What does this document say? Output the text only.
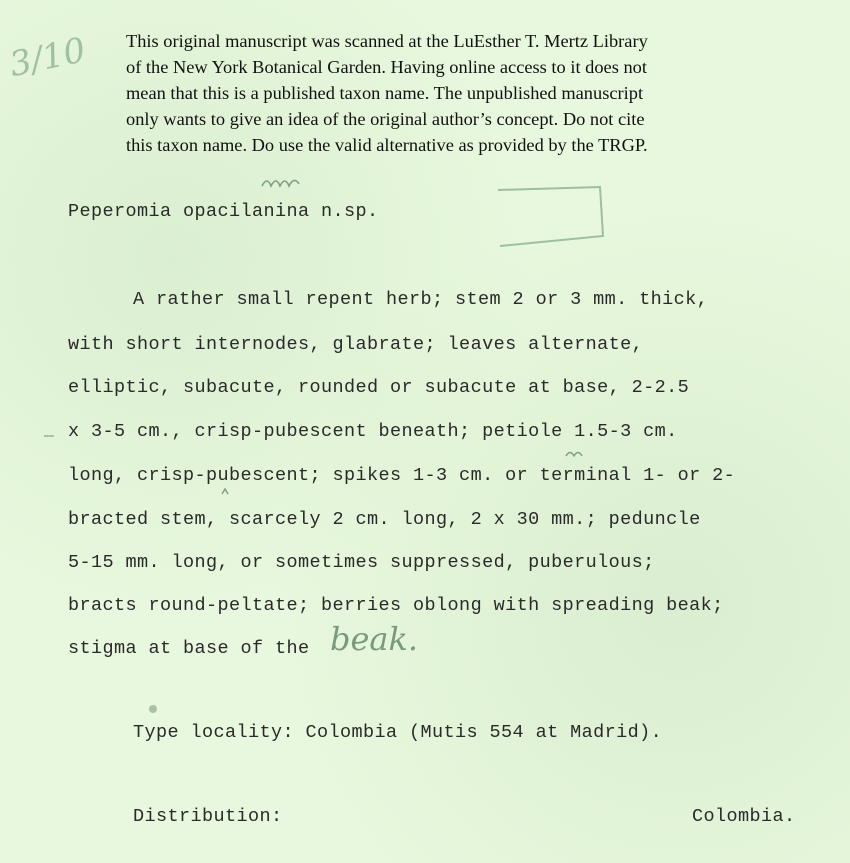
This original manuscript was scanned at the LuEsther T. Mertz Library
of the New York Botanical Garden. Having online access to it does not
mean that this is a published taxon name. The unpublished manuscript
only wants to give an idea of the original author’s concept. Do not cite
this taxon name. Do use the valid alternative as provided by the TRGP.
3/10
Peperomia opacilanina n.sp.
A rather small repent herb; stem 2 or 3 mm. thick,
with short internodes, glabrate; leaves alternate,
elliptic, subacute, rounded or subacute at base, 2-2.5
x 3-5 cm., crisp-pubescent beneath; petiole 1.5-3 cm.
long, crisp-pubescent; spikes 1-3 cm. or terminal 1- or 2-
bracted stem, scarcely 2 cm. long, 2 x 30 mm.; peduncle
5-15 mm. long, or sometimes suppressed, puberulous;
bracts round-peltate; berries oblong with spreading beak;
stigma at base of the beak.
Type locality: Colombia (Mutis 554 at Madrid).
Distribution:	Colombia.
